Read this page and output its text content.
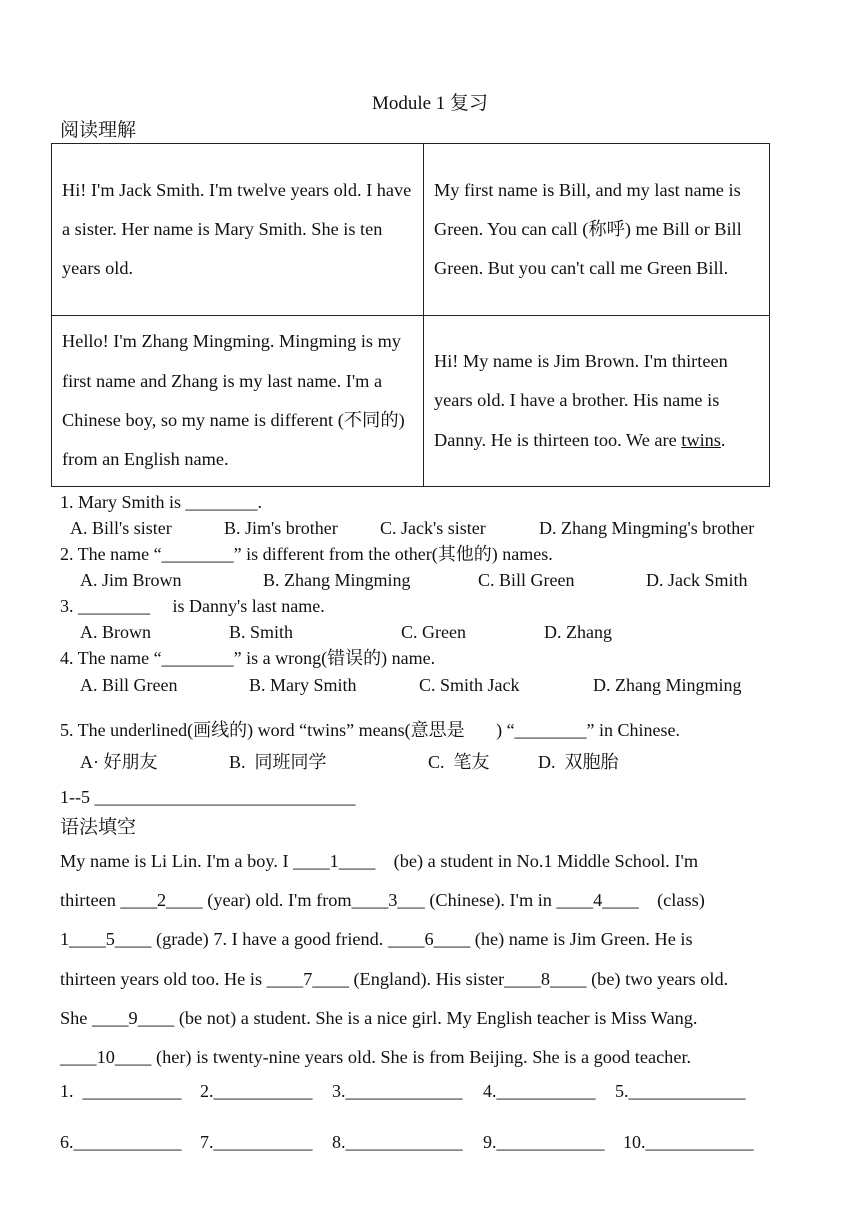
Module 1 复习
阅读理解
Hi! I'm Jack Smith. I'm twelve years old. I have a sister. Her name is Mary Smith. She is ten years old.	My first name is Bill, and my last name is Green. You can call (称呼) me Bill or Bill Green. But you can't call me Green Bill.
Hello! I'm Zhang Mingming. Mingming is my first name and Zhang is my last name. I'm a Chinese boy, so my name is different (不同的) from an English name.	Hi! My name is Jim Brown. I'm thirteen years old. I have a brother. His name is Danny. He is thirteen too. We are twins.
1. Mary Smith is ________.
A. Bill's sister	B. Jim's brother C. Jack's sister	D. Zhang Mingming's brother
2. The name “________” is different from the other(其他的) names.
A. Jim Brown	B. Zhang Mingming	C. Bill Green	D. Jack Smith
3. ________     is Danny's last name.
A. Brown	B. Smith	C. Green	D. Zhang
4. The name “________” is a wrong(错误的) name.
A. Bill Green	B. Mary Smith	C. Smith Jack	D. Zhang Mingming
5. The underlined(画线的) word “twins” means(意思是       ) “________” in Chinese.
A· 好朋友	B.  同班同学	C.  笔友	D.  双胞胎
1--5 _____________________________
语法填空
My name is Li Lin. I'm a boy. I ____1____    (be) a student in No.1 Middle School. I'm
thirteen ____2____ (year) old. I'm from____3___ (Chinese). I'm in ____4____    (class)
1____5____ (grade) 7. I have a good friend. ____6____ (he) name is Jim Green. He is
thirteen years old too. He is ____7____ (England). His sister____8____ (be) two years old.
She ____9____ (be not) a student. She is a nice girl. My English teacher is Miss Wang.
____10____ (her) is twenty-nine years old. She is from Beijing. She is a good teacher.
1.  ___________ 2.___________ 3._____________ 4.___________ 5._____________
6.____________ 7.___________ 8._____________ 9.____________ 10.____________
